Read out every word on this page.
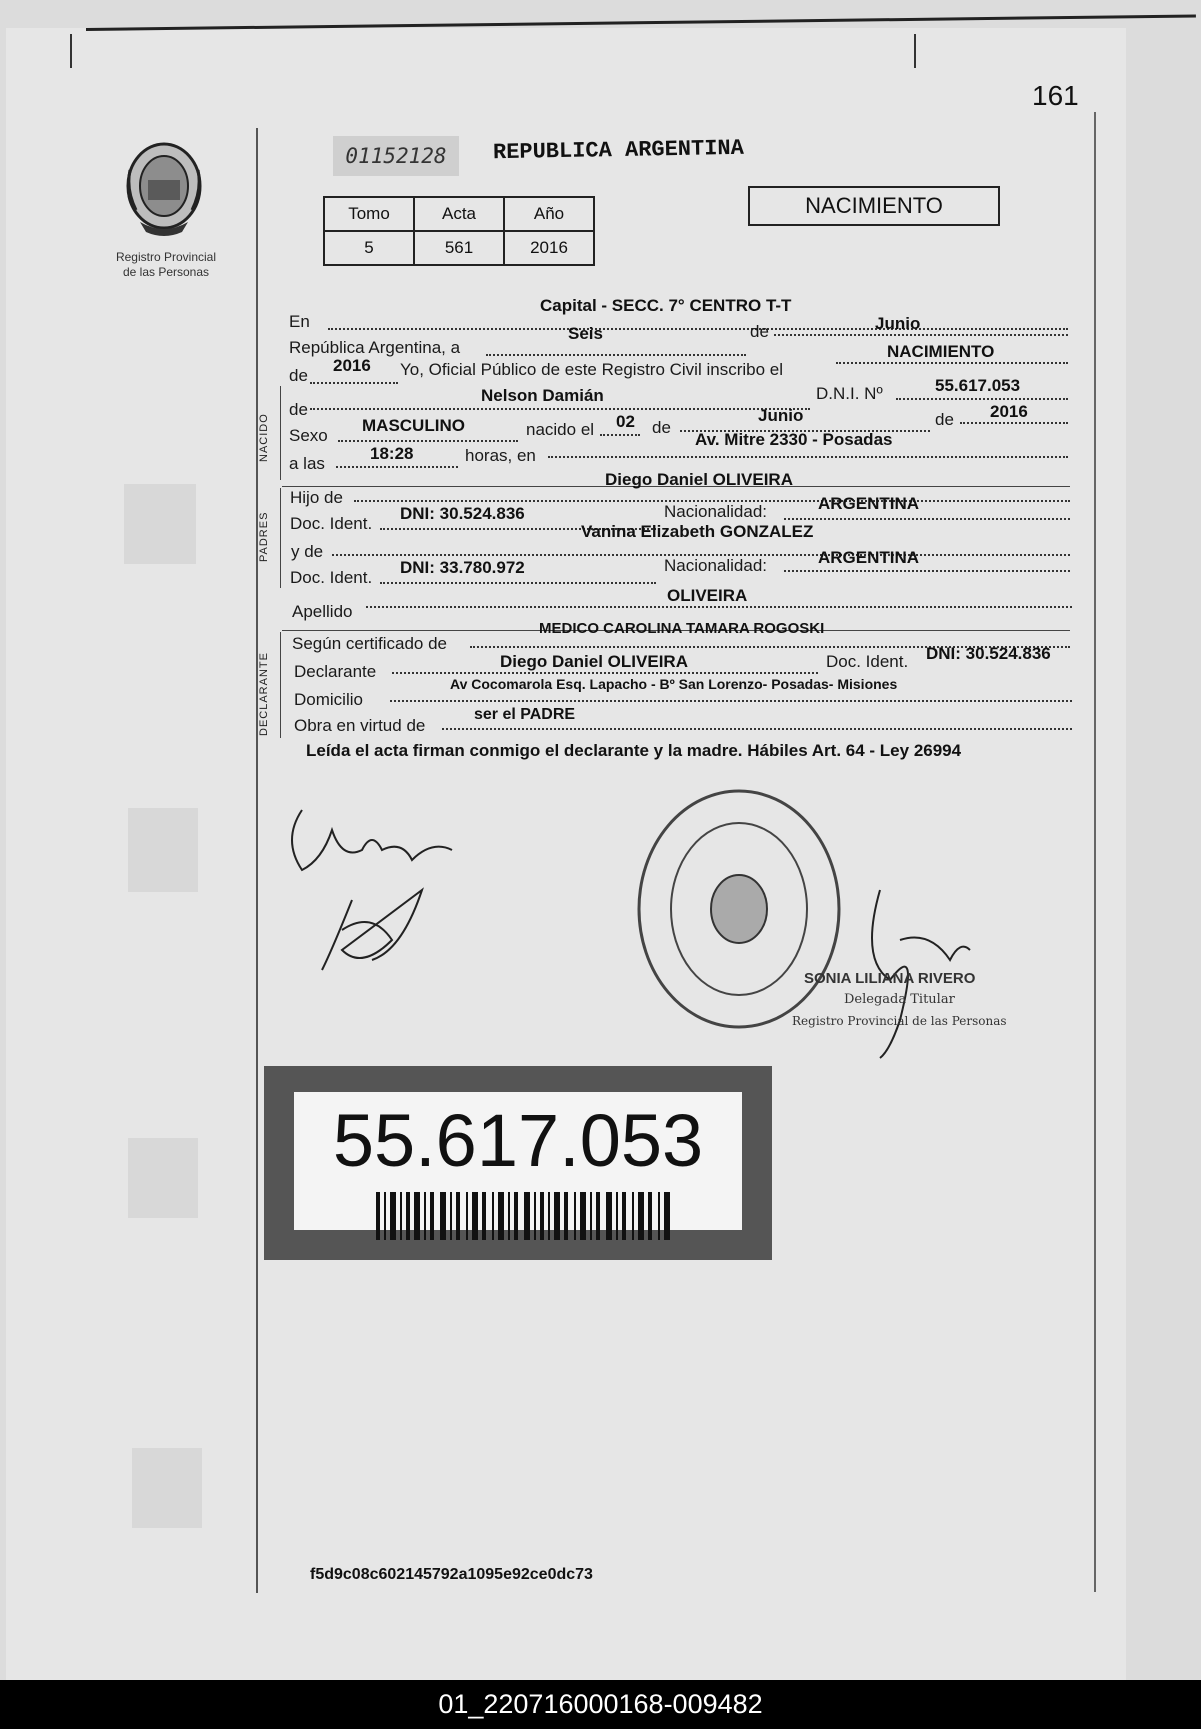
161
Registro Provincial
de las Personas
01152128	REPUBLICA ARGENTINA
Tomo	Acta	Año
5	561	2016
NACIMIENTO
NACIDO
PADRES
DECLARANTE
En
Capital - SECC. 7° CENTRO T-T
República Argentina, a
Seis	de	Junio
de
2016 Yo, Oficial Público de este Registro Civil inscribo el
NACIMIENTO
de
Nelson Damián	D.N.I. Nº	55.617.053
Sexo
MASCULINO	nacido el 02 de
Junio	de 2016
a las
18:28	horas, en
Av. Mitre 2330 - Posadas
Hijo de
Diego Daniel OLIVEIRA
Doc. Ident.
DNI: 30.524.836	Nacionalidad:	ARGENTINA
y de
Vanina Elizabeth GONZALEZ
Doc. Ident.
DNI: 33.780.972	Nacionalidad:	ARGENTINA
Apellido
OLIVEIRA
Según certificado de
MEDICO CAROLINA TAMARA ROGOSKI
Declarante
Diego Daniel OLIVEIRA	Doc. Ident. DNI: 30.524.836
Domicilio
Av Cocomarola Esq. Lapacho - Bº San Lorenzo- Posadas- Misiones
Obra en virtud de
ser el PADRE
Leída el acta firman conmigo el declarante y la madre. Hábiles Art. 64 - Ley 26994
SONIA LILIANA RIVERO
Delegada Titular
Registro Provincial de las Personas
55.617.053
f5d9c08c602145792a1095e92ce0dc73
01_220716000168-009482
